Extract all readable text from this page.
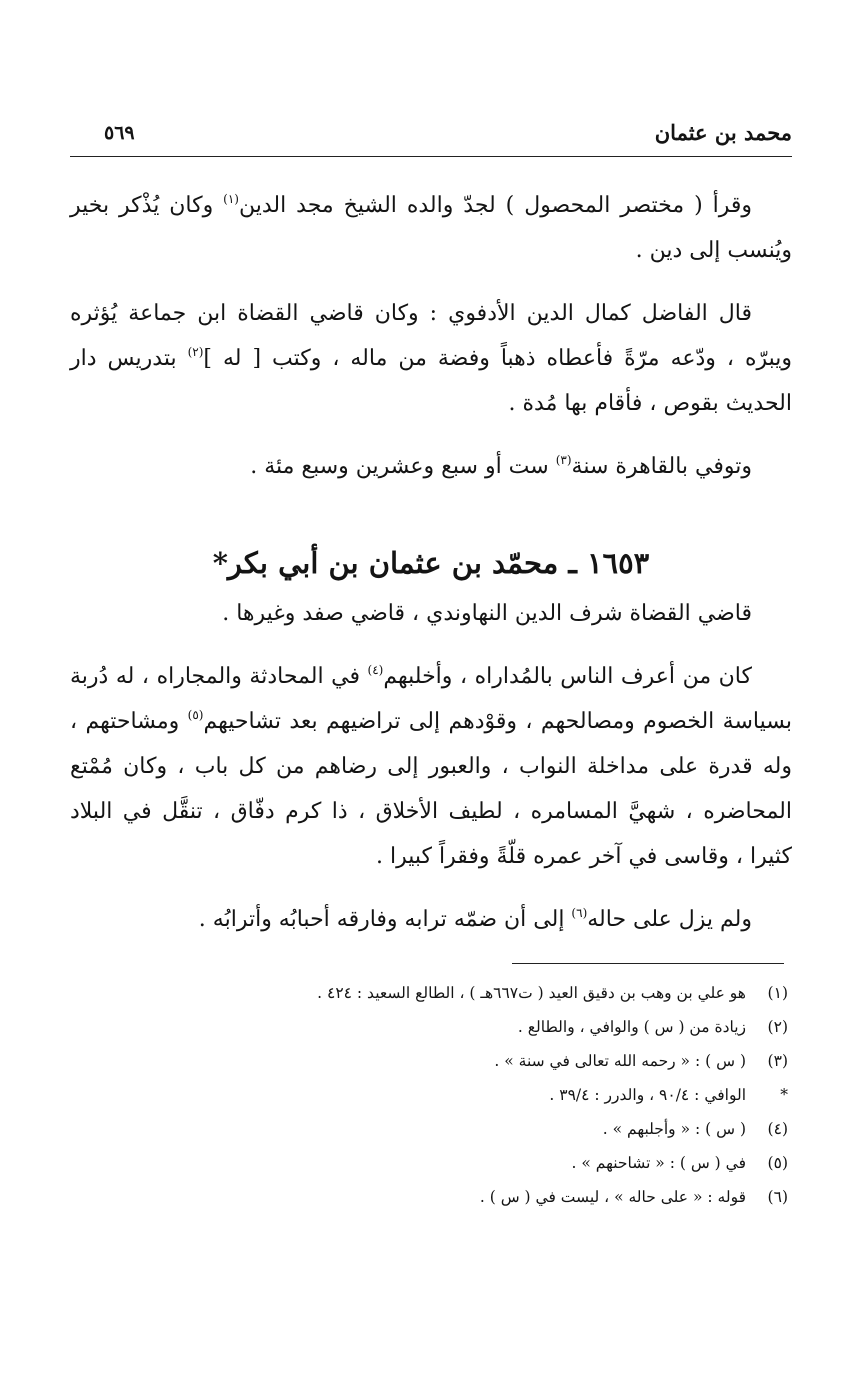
محمد بن عثمان
٥٦٩

وقرأ ( مختصر المحصول ) لجدّ والده الشيخ مجد الدين$^{(١)}$ وكان يُذْكر بخير ويُنسب إلى دين .

قال الفاضل كمال الدين الأدفوي : وكان قاضي القضاة ابن جماعة يُؤثره ويبرّه ، ودّعه مرّةً فأعطاه ذهباً وفضة من ماله ، وكتب [ له ]$^{(٢)}$ بتدريس دار الحديث بقوص ، فأقام بها مُدة .

وتوفي بالقاهرة سنة$^{(٣)}$ ست أو سبع وعشرين وسبع مئة .

١٦٥٣ ـ محمّد بن عثمان بن أبي بكر*

قاضي القضاة شرف الدين النهاوندي ، قاضي صفد وغيرها .

كان من أعرف الناس بالمُداراه ، وأخلبهم$^{(٤)}$ في المحادثة والمجاراه ، له دُربة بسياسة الخصوم ومصالحهم ، وقوْدهم إلى تراضيهم بعد تشاحيهم$^{(٥)}$ ومشاحتهم ، وله قدرة على مداخلة النواب ، والعبور إلى رضاهم من كل باب ، وكان مُمْتع المحاضره ، شهيَّ المسامره ، لطيف الأخلاق ، ذا كرم دفّاق ، تنقَّل في البلاد كثيرا ، وقاسى في آخر عمره قلّةً وفقراً كبيرا .

ولم يزل على حاله$^{(٦)}$ إلى أن ضمّه ترابه وفارقه أحبابُه وأترابُه .

(١)
هو علي بن وهب بن دقيق العيد ( ت٦٦٧هـ ) ، الطالع السعيد : ٤٢٤ .
(٢)
زيادة من ( س ) والوافي ، والطالع .
(٣)
( س ) : « رحمه الله تعالى في سنة » .
*
الوافي : ٩٠/٤ ، والدرر : ٣٩/٤ .
(٤)
( س ) : « وأجلبهم » .
(٥)
في ( س ) : « تشاحنهم » .
(٦)
قوله : « على حاله » ، ليست في ( س ) .
